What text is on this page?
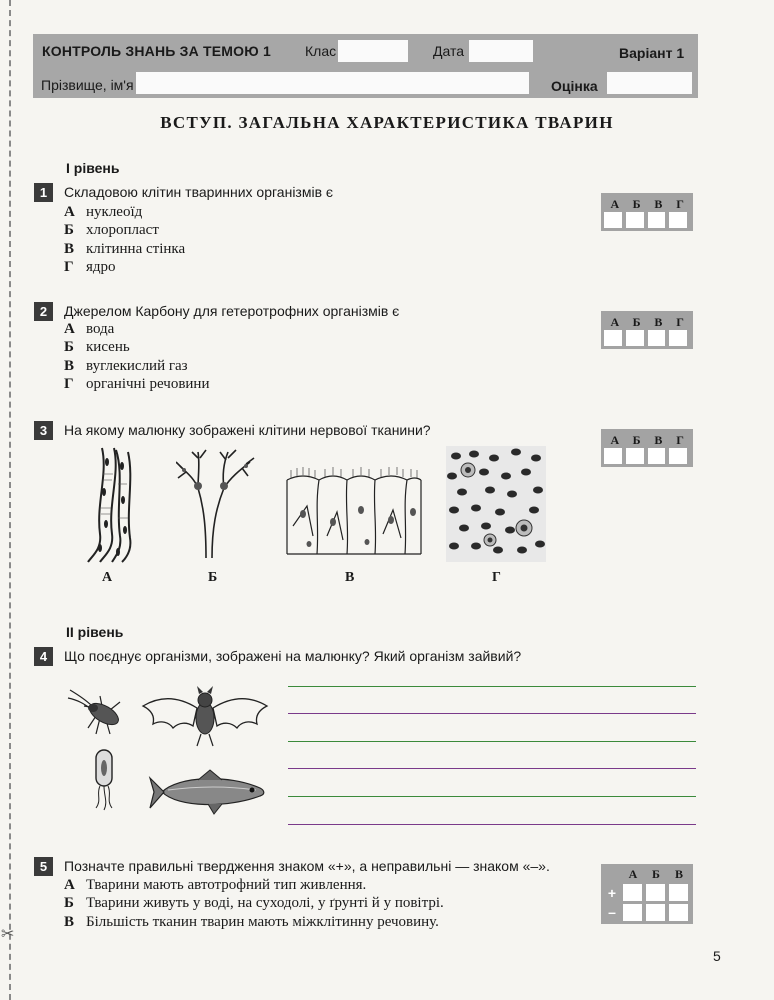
✂
КОНТРОЛЬ ЗНАНЬ ЗА ТЕМОЮ 1 Клас	Дата	Варіант 1
Прізвище, ім'я	Оцінка
ВСТУП. ЗАГАЛЬНА ХАРАКТЕРИСТИКА ТВАРИН
І рівень
1	Складовою клітин тваринних організмів є
А нуклеоїд
Б хлоропласт
В клітинна стінка
Г ядро
А	Б	В	Г
2	Джерелом Карбону для гетеротрофних організмів є
А вода
Б кисень
В вуглекислий газ
Г органічні речовини
А	Б	В	Г
3	На якому малюнку зображені клітини нервової тканини?
А	Б	В	Г
А	Б	В	Г
ІІ рівень
4	Що поєднує організми, зображені на малюнку? Який організм зайвий?
5	Позначте правильні твердження знаком «+», а неправильні — знаком «–».
А Тварини мають автотрофний тип живлення.
Б Тварини живуть у воді, на суходолі, у ґрунті й у повітрі.
В Більшість тканин тварин мають міжклітинну речовину.
А	Б	В
+
–
5
